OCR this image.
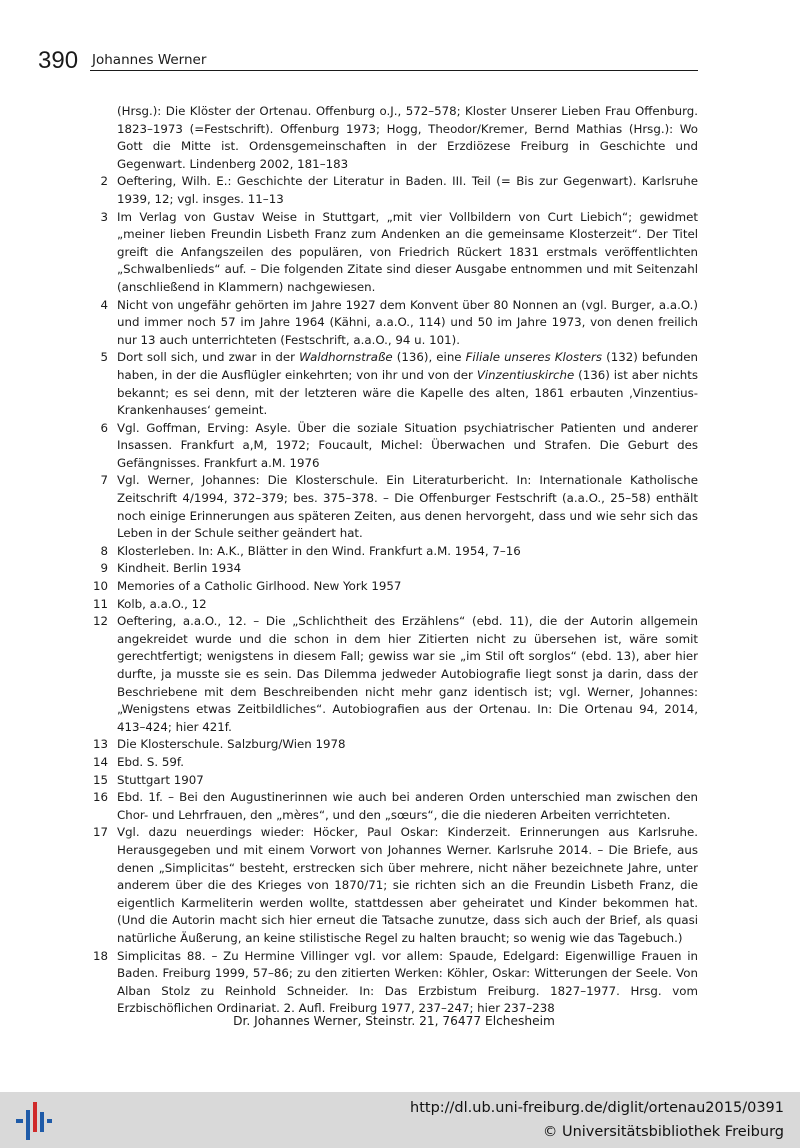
390 Johannes Werner
(Hrsg.): Die Klöster der Ortenau. Offenburg o.J., 572–578; Kloster Unserer Lieben Frau Offenburg. 1823–1973 (=Festschrift). Offenburg 1973; Hogg, Theodor/Kremer, Bernd Mathias (Hrsg.): Wo Gott die Mitte ist. Ordensgemeinschaften in der Erzdiözese Freiburg in Geschichte und Gegenwart. Lindenberg 2002, 181–183
2 Oeftering, Wilh. E.: Geschichte der Literatur in Baden. III. Teil (= Bis zur Gegenwart). Karlsruhe 1939, 12; vgl. insges. 11–13
3 Im Verlag von Gustav Weise in Stuttgart, „mit vier Vollbildern von Curt Liebich“; gewidmet „meiner lieben Freundin Lisbeth Franz zum Andenken an die gemeinsame Klosterzeit“. Der Titel greift die Anfangszeilen des populären, von Friedrich Rückert 1831 erstmals veröffentlichten „Schwalbenlieds“ auf. – Die folgenden Zitate sind dieser Ausgabe entnommen und mit Seitenzahl (anschließend in Klammern) nachgewiesen.
4 Nicht von ungefähr gehörten im Jahre 1927 dem Konvent über 80 Nonnen an (vgl. Burger, a.a.O.) und immer noch 57 im Jahre 1964 (Kähni, a.a.O., 114) und 50 im Jahre 1973, von denen freilich nur 13 auch unterrichteten (Festschrift, a.a.O., 94 u. 101).
5 Dort soll sich, und zwar in der Waldhornstraße (136), eine Filiale unseres Klosters (132) befunden haben, in der die Ausflügler einkehrten; von ihr und von der Vinzentiuskirche (136) ist aber nichts bekannt; es sei denn, mit der letzteren wäre die Kapelle des alten, 1861 erbauten ‚Vinzentius-Krankenhauses‘ gemeint.
6 Vgl. Goffman, Erving: Asyle. Über die soziale Situation psychiatrischer Patienten und anderer Insassen. Frankfurt a,M, 1972; Foucault, Michel: Überwachen und Strafen. Die Geburt des Gefängnisses. Frankfurt a.M. 1976
7 Vgl. Werner, Johannes: Die Klosterschule. Ein Literaturbericht. In: Internationale Katholische Zeitschrift 4/1994, 372–379; bes. 375–378. – Die Offenburger Festschrift (a.a.O., 25–58) enthält noch einige Erinnerungen aus späteren Zeiten, aus denen hervorgeht, dass und wie sehr sich das Leben in der Schule seither geändert hat.
8 Klosterleben. In: A.K., Blätter in den Wind. Frankfurt a.M. 1954, 7–16
9 Kindheit. Berlin 1934
10 Memories of a Catholic Girlhood. New York 1957
11 Kolb, a.a.O., 12
12 Oeftering, a.a.O., 12. – Die „Schlichtheit des Erzählens“ (ebd. 11), die der Autorin allgemein angekreidet wurde und die schon in dem hier Zitierten nicht zu übersehen ist, wäre somit gerechtfertigt; wenigstens in diesem Fall; gewiss war sie „im Stil oft sorglos“ (ebd. 13), aber hier durfte, ja musste sie es sein. Das Dilemma jedweder Autobiografie liegt sonst ja darin, dass der Beschriebene mit dem Beschreibenden nicht mehr ganz identisch ist; vgl. Werner, Johannes: „Wenigstens etwas Zeitbildliches“. Autobiografien aus der Ortenau. In: Die Ortenau 94, 2014, 413–424; hier 421f.
13 Die Klosterschule. Salzburg/Wien 1978
14 Ebd. S. 59f.
15 Stuttgart 1907
16 Ebd. 1f. – Bei den Augustinerinnen wie auch bei anderen Orden unterschied man zwischen den Chor- und Lehrfrauen, den „mères“, und den „sœurs“, die die niederen Arbeiten verrichteten.
17 Vgl. dazu neuerdings wieder: Höcker, Paul Oskar: Kinderzeit. Erinnerungen aus Karlsruhe. Herausgegeben und mit einem Vorwort von Johannes Werner. Karlsruhe 2014. – Die Briefe, aus denen „Simplicitas“ besteht, erstrecken sich über mehrere, nicht näher bezeichnete Jahre, unter anderem über die des Krieges von 1870/71; sie richten sich an die Freundin Lisbeth Franz, die eigentlich Karmeliterin werden wollte, stattdessen aber geheiratet und Kinder bekommen hat. (Und die Autorin macht sich hier erneut die Tatsache zunutze, dass sich auch der Brief, als quasi natürliche Äußerung, an keine stilistische Regel zu halten braucht; so wenig wie das Tagebuch.)
18 Simplicitas 88. – Zu Hermine Villinger vgl. vor allem: Spaude, Edelgard: Eigenwillige Frauen in Baden. Freiburg 1999, 57–86; zu den zitierten Werken: Köhler, Oskar: Witterungen der Seele. Von Alban Stolz zu Reinhold Schneider. In: Das Erzbistum Freiburg. 1827–1977. Hrsg. vom Erzbischöflichen Ordinariat. 2. Aufl. Freiburg 1977, 237–247; hier 237–238
Dr. Johannes Werner, Steinstr. 21, 76477 Elchesheim
http://dl.ub.uni-freiburg.de/diglit/ortenau2015/0391
© Universitätsbibliothek Freiburg
